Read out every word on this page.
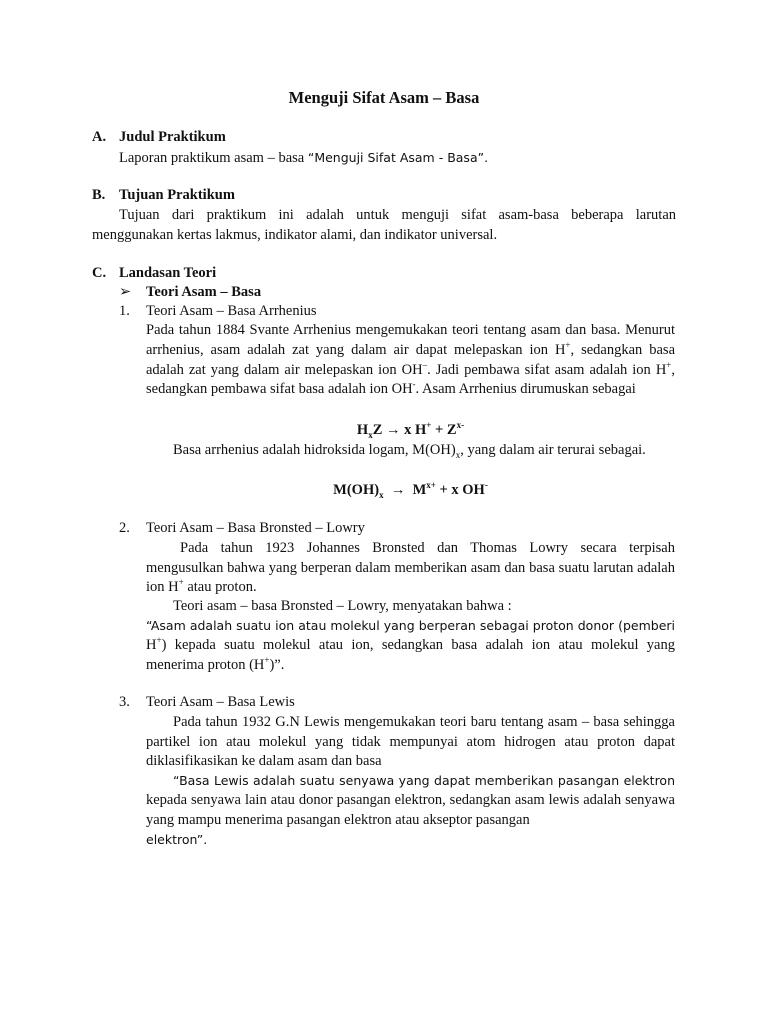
Menguji Sifat Asam – Basa
A. Judul Praktikum
Laporan praktikum asam – basa “Menguji Sifat Asam - Basa”.
B. Tujuan Praktikum
Tujuan dari praktikum ini adalah untuk menguji sifat asam-basa beberapa larutan
menggunakan kertas lakmus, indikator alami, dan indikator universal.
C. Landasan Teori
➢ Teori Asam – Basa
1. Teori Asam – Basa Arrhenius
Pada tahun 1884 Svante Arrhenius mengemukakan teori tentang asam dan basa. Menurut arrhenius, asam adalah zat yang dalam air dapat melepaskan ion H+, sedangkan basa adalah zat yang dalam air melepaskan ion OH–. Jadi pembawa sifat asam adalah ion H+, sedangkan pembawa sifat basa adalah ion OH-. Asam Arrhenius dirumuskan sebagai
$H_xZ \to x$ $H^+ + Z^{x-}$
Basa arrhenius adalah hidroksida logam, $M(OH)_x$, yang dalam air terurai sebagai.
$M(OH)_x \to M^{x+} + x$ OH-
2. Teori Asam – Basa Bronsted – Lowry
Pada tahun 1923 Johannes Bronsted dan Thomas Lowry secara terpisah mengusulkan bahwa yang berperan dalam memberikan asam dan basa suatu larutan adalah ion H+ atau proton.
Teori asam – basa Bronsted – Lowry, menyatakan bahwa :
“Asam adalah suatu ion atau molekul yang berperan sebagai proton donor (pemberi
H+) kepada suatu molekul atau ion, sedangkan basa adalah ion atau molekul yang menerima proton (H+)”.
3. Teori Asam – Basa Lewis
Pada tahun 1932 G.N Lewis mengemukakan teori baru tentang asam – basa sehingga partikel ion atau molekul yang tidak mempunyai atom hidrogen atau proton dapat diklasifikasikan ke dalam asam dan basa
“Basa Lewis adalah suatu senyawa yang dapat memberikan pasangan elektron
kepada senyawa lain atau donor pasangan elektron, sedangkan asam lewis adalah senyawa yang mampu menerima pasangan elektron atau akseptor pasangan
elektron”.
